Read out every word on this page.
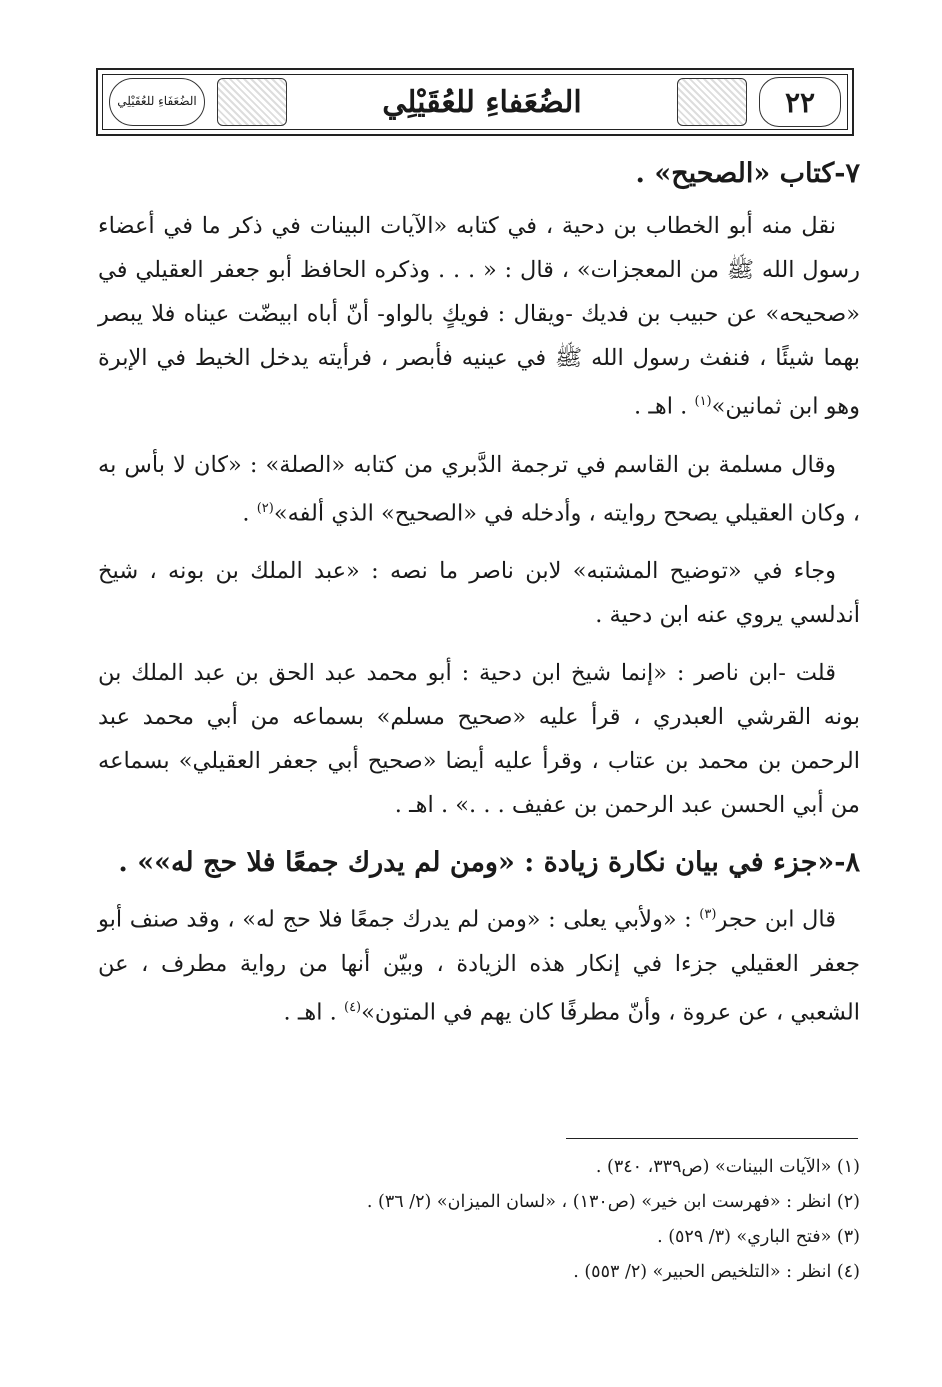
الضُعَفَاءِ للعُقَيْلِي	الضُعَفاءِ للعُقَيْلِي	٢٢
٧-كتاب «الصحيح» .

نقل منه أبو الخطاب بن دحية ، في كتابه «الآيات البينات في ذكر ما في أعضاء رسول الله ﷺ من المعجزات» ، قال : « . . . وذكره الحافظ أبو جعفر العقيلي في «صحيحه» عن حبيب بن فديك -ويقال : فويكٍ بالواو- أنّ أباه ابيضّت عيناه فلا يبصر بهما شيئًا ، فنفث رسول الله ﷺ في عينيه فأبصر ، فرأيته يدخل الخيط في الإبرة وهو ابن ثمانين»$^{(١)}$ . اهـ .

وقال مسلمة بن القاسم في ترجمة الدَّبري من كتابه «الصلة» : «كان لا بأس به ، وكان العقيلي يصحح روايته ، وأدخله في «الصحيح» الذي ألفه»$^{(٢)}$ .

وجاء في «توضيح المشتبه» لابن ناصر ما نصه : «عبد الملك بن بونه ، شيخ أندلسي يروي عنه ابن دحية .

قلت -ابن ناصر : «إنما شيخ ابن دحية : أبو محمد عبد الحق بن عبد الملك بن بونه القرشي العبدري ، قرأ عليه «صحيح مسلم» بسماعه من أبي محمد عبد الرحمن بن محمد بن عتاب ، وقرأ عليه أيضا «صحيح أبي جعفر العقيلي» بسماعه من أبي الحسن عبد الرحمن بن عفيف . . .» . اهـ .

٨-«جزء في بيان نكارة زيادة : «ومن لم يدرك جمعًا فلا حج له»» .

قال ابن حجر$^{(٣)}$ : «ولأبي يعلى : «ومن لم يدرك جمعًا فلا حج له» ، وقد صنف أبو جعفر العقيلي جزءا في إنكار هذه الزيادة ، وبيّن أنها من رواية مطرف ، عن الشعبي ، عن عروة ، وأنّ مطرفًا كان يهم في المتون»$^{(٤)}$ . اهـ .

(١) «الآيات البينات» (ص٣٣٩، ٣٤٠) .

(٢) انظر : «فهرست ابن خير» (ص١٣٠) ، «لسان الميزان» (٢/ ٣٦) .

(٣) «فتح الباري» (٣/ ٥٢٩) .

(٤) انظر : «التلخيص الحبير» (٢/ ٥٥٣) .
